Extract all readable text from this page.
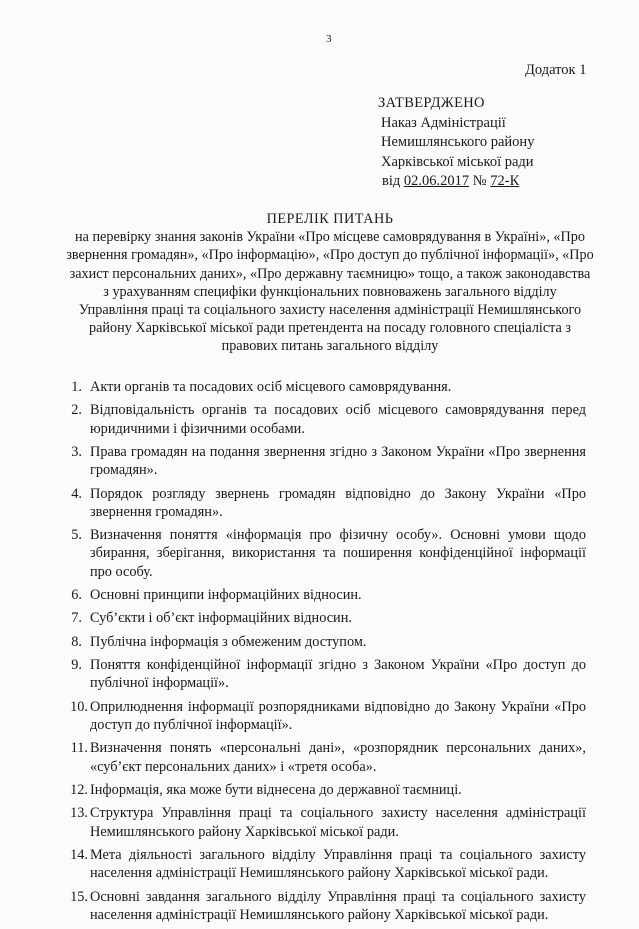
3
Додаток 1
ЗАТВЕРДЖЕНО
Наказ Адміністрації
Немишлянського району
Харківської міської ради
від 02.06.2017 № 72-К
ПЕРЕЛІК ПИТАНЬ
на перевірку знання законів України «Про місцеве самоврядування в Україні», «Про
звернення громадян», «Про інформацію», «Про доступ до публічної інформації», «Про
захист персональних даних», «Про державну таємницю» тощо, а також законодавства
з урахуванням специфіки функціональних повноважень загального відділу
Управління праці та соціального захисту населення адміністрації Немишлянського
району Харківської міської ради претендента на посаду головного спеціаліста з
правових питань загального відділу
1. Акти органів та посадових осіб місцевого самоврядування.
2. Відповідальність органів та посадових осіб місцевого самоврядування перед юридичними і фізичними особами.
3. Права громадян на подання звернення згідно з Законом України «Про звернення громадян».
4. Порядок розгляду звернень громадян відповідно до Закону України «Про звернення громадян».
5. Визначення поняття «інформація про фізичну особу». Основні умови щодо збирання, зберігання, використання та поширення конфіденційної інформації про особу.
6. Основні принципи інформаційних відносин.
7. Суб’єкти і об’єкт інформаційних відносин.
8. Публічна інформація з обмеженим доступом.
9. Поняття конфіденційної інформації згідно з Законом України «Про доступ до публічної інформації».
10. Оприлюднення інформації розпорядниками відповідно до Закону України «Про доступ до публічної інформації».
11. Визначення понять «персональні дані», «розпорядник персональних даних», «суб’єкт персональних даних» і «третя особа».
12. Інформація, яка може бути віднесена до державної таємниці.
13. Структура Управління праці та соціального захисту населення адміністрації Немишлянського району Харківської міської ради.
14. Мета діяльності загального відділу Управління праці та соціального захисту населення адміністрації Немишлянського району Харківської міської ради.
15. Основні завдання загального відділу Управління праці та соціального захисту населення адміністрації Немишлянського району Харківської міської ради.
